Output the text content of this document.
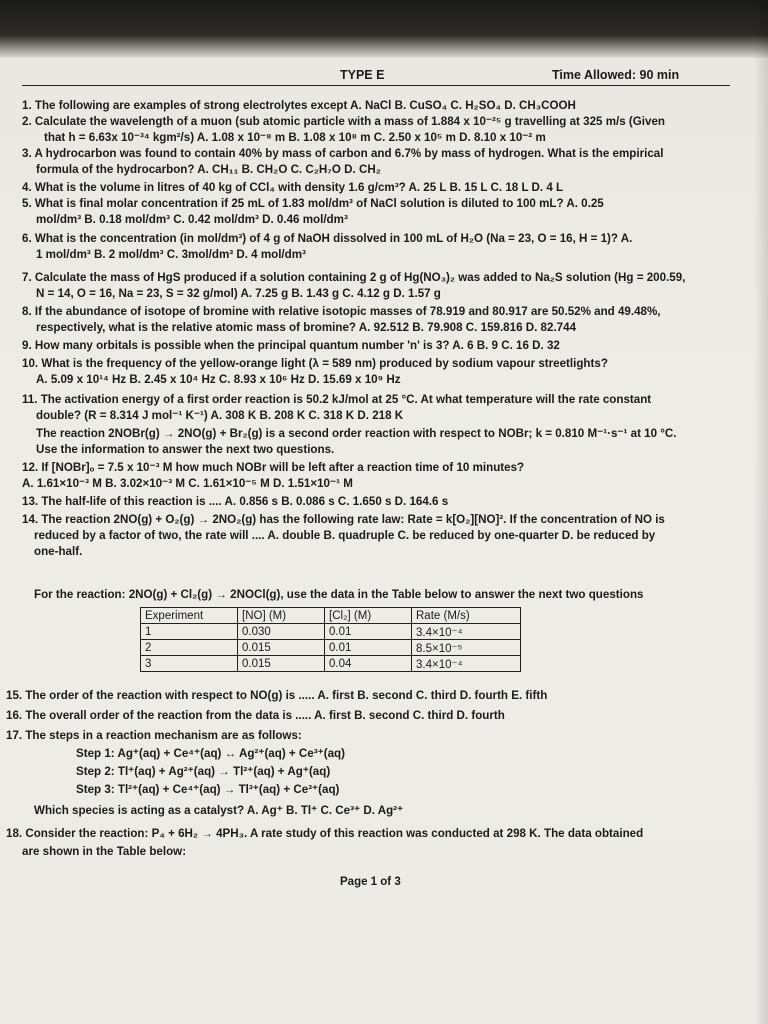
TYPE E	Time Allowed: 90 min
1. The following are examples of strong electrolytes except A. NaCl B. CuSO₄ C. H₂SO₄ D. CH₃COOH
2. Calculate the wavelength of a muon (sub atomic particle with a mass of 1.884 x 10⁻²⁵ g travelling at 325 m/s (Given
that h = 6.63x 10⁻³⁴ kgm²/s) A. 1.08 x 10⁻⁸ m B. 1.08 x 10⁸ m C. 2.50 x 10⁵ m D. 8.10 x 10⁻² m
3. A hydrocarbon was found to contain 40% by mass of carbon and 6.7% by mass of hydrogen. What is the empirical
formula of the hydrocarbon? A. CH₁₁ B. CH₂O C. C₂H₇O D. CH₂
4. What is the volume in litres of 40 kg of CCl₄ with density 1.6 g/cm³? A. 25 L B. 15 L C. 18 L D. 4 L
5. What is final molar concentration if 25 mL of 1.83 mol/dm³ of NaCl solution is diluted to 100 mL? A. 0.25
mol/dm³ B. 0.18 mol/dm³ C. 0.42 mol/dm³ D. 0.46 mol/dm³
6. What is the concentration (in mol/dm³) of 4 g of NaOH dissolved in 100 mL of H₂O (Na = 23, O = 16, H = 1)? A.
1 mol/dm³ B. 2 mol/dm³ C. 3mol/dm³ D. 4 mol/dm³
7. Calculate the mass of HgS produced if a solution containing 2 g of Hg(NO₃)₂ was added to Na₂S solution (Hg = 200.59,
N = 14, O = 16, Na = 23, S = 32 g/mol) A. 7.25 g B. 1.43 g C. 4.12 g D. 1.57 g
8. If the abundance of isotope of bromine with relative isotopic masses of 78.919 and 80.917 are 50.52% and 49.48%,
respectively, what is the relative atomic mass of bromine? A. 92.512 B. 79.908 C. 159.816 D. 82.744
9. How many orbitals is possible when the principal quantum number 'n' is 3? A. 6 B. 9 C. 16 D. 32
10. What is the frequency of the yellow-orange light (λ = 589 nm) produced by sodium vapour streetlights?
A. 5.09 x 10¹⁴ Hz B. 2.45 x 10⁴ Hz C. 8.93 x 10⁶ Hz D. 15.69 x 10⁹ Hz
11. The activation energy of a first order reaction is 50.2 kJ/mol at 25 °C. At what temperature will the rate constant
double? (R = 8.314 J mol⁻¹ K⁻¹) A. 308 K B. 208 K C. 318 K D. 218 K
The reaction 2NOBr(g) → 2NO(g) + Br₂(g) is a second order reaction with respect to NOBr; k = 0.810 M⁻¹·s⁻¹ at 10 °C.
Use the information to answer the next two questions.
12. If [NOBr]ₒ = 7.5 x 10⁻³ M how much NOBr will be left after a reaction time of 10 minutes?
A. 1.61×10⁻³ M B. 3.02×10⁻³ M C. 1.61×10⁻⁵ M D. 1.51×10⁻¹ M
13. The half-life of this reaction is .... A. 0.856 s B. 0.086 s C. 1.650 s D. 164.6 s
14. The reaction 2NO(g) + O₂(g) → 2NO₂(g) has the following rate law: Rate = k[O₂][NO]². If the concentration of NO is
reduced by a factor of two, the rate will .... A. double B. quadruple C. be reduced by one-quarter D. be reduced by
one-half.
For the reaction: 2NO(g) + Cl₂(g) → 2NOCl(g), use the data in the Table below to answer the next two questions
Experiment	[NO] (M)	[Cl₂] (M)	Rate (M/s)
1	0.030	0.01	3.4×10⁻⁴
2	0.015	0.01	8.5×10⁻⁵
3	0.015	0.04	3.4×10⁻⁴
15. The order of the reaction with respect to NO(g) is ..... A. first B. second C. third D. fourth E. fifth
16. The overall order of the reaction from the data is ..... A. first B. second C. third D. fourth
17. The steps in a reaction mechanism are as follows:
Step 1: Ag⁺(aq) + Ce⁴⁺(aq) ↔ Ag²⁺(aq) + Ce³⁺(aq)
Step 2: Tl⁺(aq) + Ag²⁺(aq) → Tl²⁺(aq) + Ag⁺(aq)
Step 3: Tl²⁺(aq) + Ce⁴⁺(aq) → Tl³⁺(aq) + Ce³⁺(aq)
Which species is acting as a catalyst? A. Ag⁺ B. Tl⁺ C. Ce³⁺ D. Ag²⁺
18. Consider the reaction: P₄ + 6H₂ → 4PH₃. A rate study of this reaction was conducted at 298 K. The data obtained
are shown in the Table below:
Page 1 of 3
